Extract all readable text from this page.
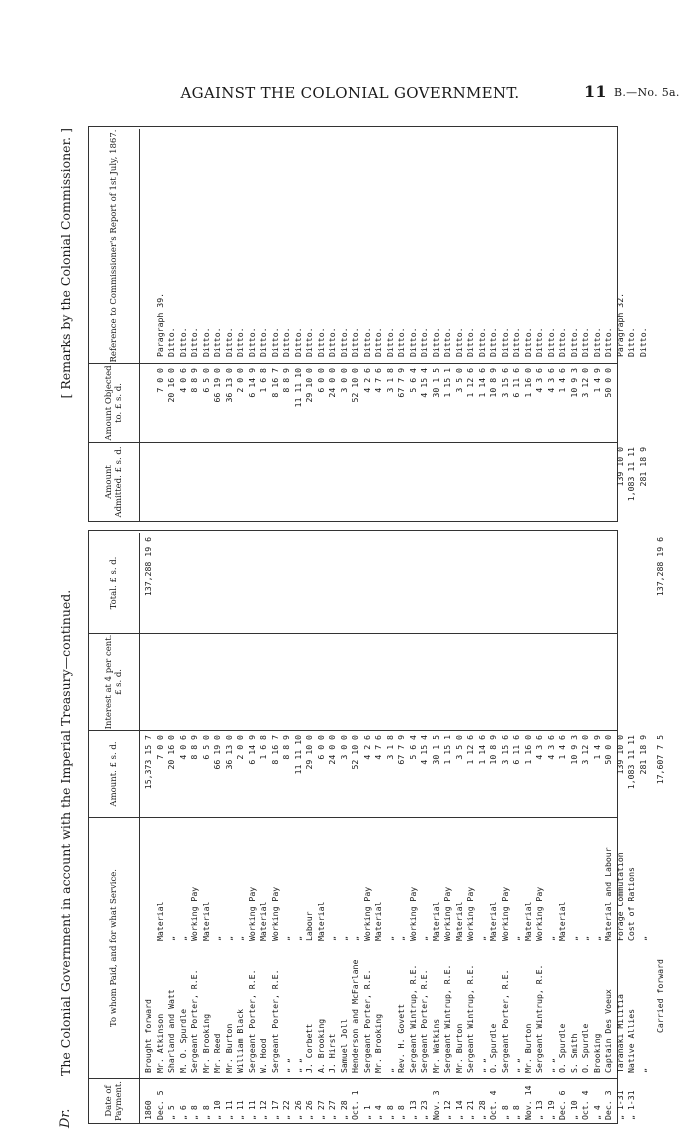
AGAINST THE COLONIAL GOVERNMENT.	11 B.—No. 5a.
Dr.
The Colonial Government in account with the Imperial Treasury—continued.
[ Remarks by the Colonial Commissioner. ]
Date of Payment.
To whom Paid, and for what Service.
Amount. £ s. d.
Interest at 4 per cent. £ s. d.
Total. £ s. d.
1860
Brought forward
15,373 15 7
137,288 19 6
Dec. 5
Mr. Atkinson
Material
7 0 0
„ 5
Sharland and Watt
„
20 16 0
„ 6
M. O. Spurdle
„
4 0 6
„ 8
Sergeant Porter, R.E.
Working Pay
8 8 9
„ 8
Mr. Brooking
Material
6 5 0
„ 10
Mr. Reed
„
66 19 0
„ 11
Mr. Burton
„
36 13 0
„ 11
William Black
„
2 0 0
„ 11
Sergeant Porter, R.E.
Working Pay
6 14 9
„ 12
W. Hood
Material
1 6 8
„ 17
Sergeant Porter, R.E.
Working Pay
8 16 7
„ 22
„ „
„
8 8 9
„ 26
„ „
„
11 11 10
„ 26
J. Corbett
Labour
29 10 0
„ 27
A. Brooking
Material
6 0 0
„ 27
J. Hirst
„
24 0 0
„ 28
Samuel Joll
„
3 0 0
Oct. 1
Henderson and McFarlane
„
52 10 0
„ 1
Sergeant Porter, R.E.
Working Pay
4 2 6
„ 4
Mr. Brooking
Material
4 7 6
„ 8
„
„
3 1 8
„ 8
Rev. H. Govett
„
67 7 9
„ 13
Sergeant Wintrup, R.E.
Working Pay
5 6 4
„ 23
Sergeant Porter, R.E.
„
4 15 4
Nov. 3
Mr. Watkins
Material
30 1 5
„ 12
Sergeant Wintrup, R.E.
Working Pay
1 15 1
„ 14
Mr. Burton
Material
3 5 0
„ 21
Sergeant Wintrup, R.E.
Working Pay
1 12 6
„ 28
„ „
„
1 14 6
Oct. 4
O. Spurdle
Material
10 8 9
„ 8
Sergeant Porter, R.E.
Working Pay
3 15 6
„ 8
„ „
„
6 11 6
Nov. 14
Mr. Burton
Material
1 16 0
„ 13
Sergeant Wintrup, R.E.
Working Pay
4 3 6
„ 19
„ „
„
4 3 6
Dec. 6
O. Spurdle
Material
1 4 6
„ 10
S. Smith
„
10 9 3
Oct. 4
O. Spurdle
„
3 12 0
„ 4
Brooking
„
1 4 9
Dec. 3
Captain Des Voeux
Material and Labour
50 0 0
„ 1-31
Taranaki Militia
Forage Commutation
139 10 0
„ 1-31
Native Allies
Cost of Rations
1,083 11 11
„
„
281 18 9
Carried forward
17,607 7 5
137,288 19 6
Amount Admitted. £ s. d.
Amount Objected to. £ s. d.
Reference to Commissioner's Report of 1st July, 1867.
7 0 0
Paragraph 39.
20 16 0
Ditto.
4 0 6
Ditto.
8 8 9
Ditto.
6 5 0
Ditto.
66 19 0
Ditto.
36 13 0
Ditto.
2 0 0
Ditto.
6 14 9
Ditto.
1 6 8
Ditto.
8 16 7
Ditto.
8 8 9
Ditto.
11 11 10
Ditto.
29 10 0
Ditto.
6 0 0
Ditto.
24 0 0
Ditto.
3 0 0
Ditto.
52 10 0
Ditto.
4 2 6
Ditto.
4 7 6
Ditto.
3 1 8
Ditto.
67 7 9
Ditto.
5 6 4
Ditto.
4 15 4
Ditto.
30 1 5
Ditto.
1 15 1
Ditto.
3 5 0
Ditto.
1 12 6
Ditto.
1 14 6
Ditto.
10 8 9
Ditto.
3 15 6
Ditto.
6 11 6
Ditto.
1 16 0
Ditto.
4 3 6
Ditto.
4 3 6
Ditto.
1 4 6
Ditto.
10 9 3
Ditto.
3 12 0
Ditto.
1 4 9
Ditto.
50 0 0
Ditto.
139 10 0
Paragraph 32.
1,083 11 11
Ditto.
281 18 9
Ditto.
